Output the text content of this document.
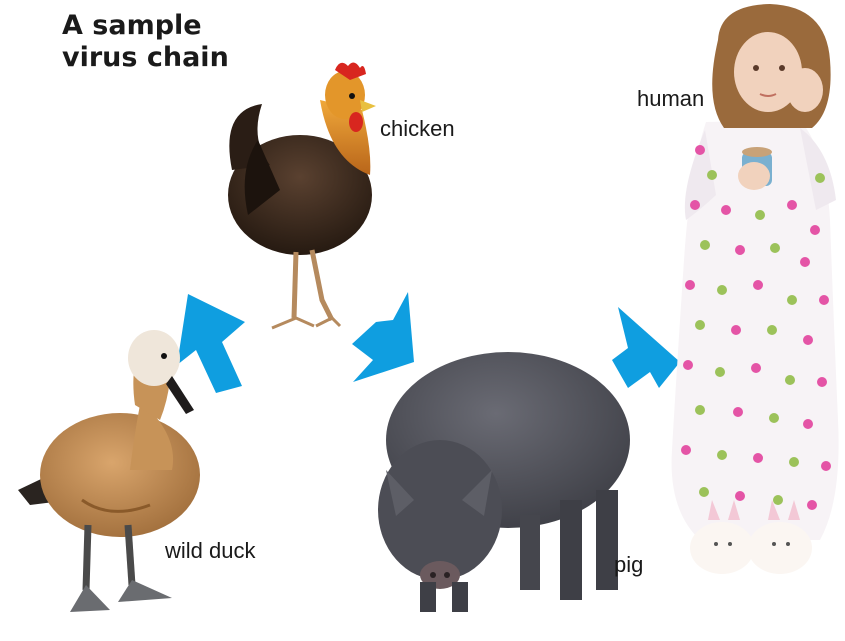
A sample
virus chain
chicken
wild duck
pig
human
